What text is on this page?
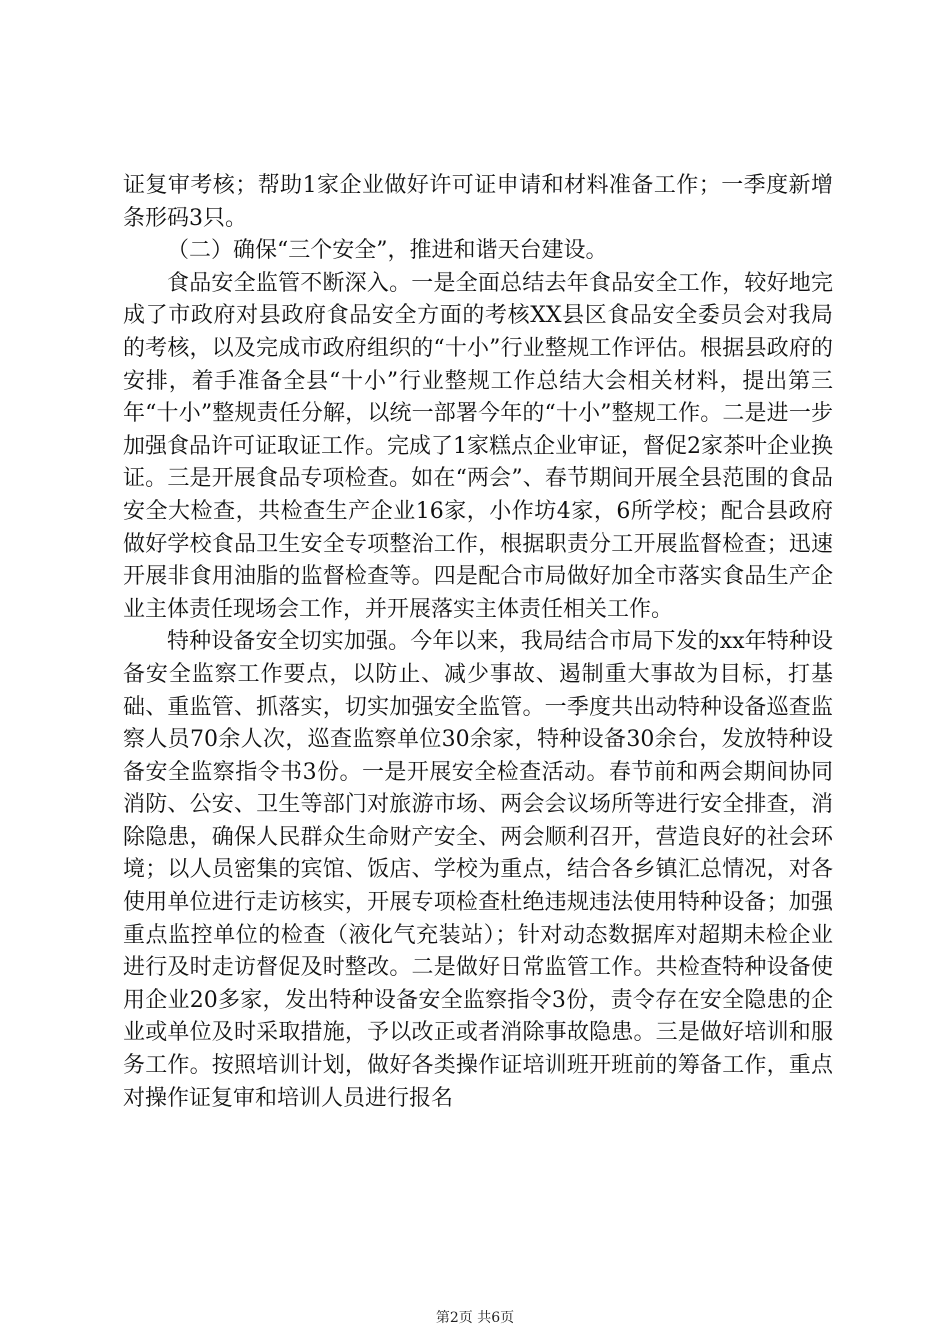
证复审考核；帮助1家企业做好许可证申请和材料准备工作；一季度新增条形码3只。

（二）确保“三个安全”，推进和谐天台建设。

食品安全监管不断深入。一是全面总结去年食品安全工作，较好地完成了市政府对县政府食品安全方面的考核XX县区食品安全委员会对我局的考核，以及完成市政府组织的“十小”行业整规工作评估。根据县政府的安排，着手准备全县“十小”行业整规工作总结大会相关材料，提出第三年“十小”整规责任分解，以统一部署今年的“十小”整规工作。二是进一步加强食品许可证取证工作。完成了1家糕点企业审证，督促2家茶叶企业换证。三是开展食品专项检查。如在“两会”、春节期间开展全县范围的食品安全大检查，共检查生产企业16家，小作坊4家，6所学校；配合县政府做好学校食品卫生安全专项整治工作，根据职责分工开展监督检查；迅速开展非食用油脂的监督检查等。四是配合市局做好加全市落实食品生产企业主体责任现场会工作，并开展落实主体责任相关工作。

特种设备安全切实加强。今年以来，我局结合市局下发的xx年特种设备安全监察工作要点，以防止、减少事故、遏制重大事故为目标，打基础、重监管、抓落实，切实加强安全监管。一季度共出动特种设备巡查监察人员70余人次，巡查监察单位30余家，特种设备30余台，发放特种设备安全监察指令书3份。一是开展安全检查活动。春节前和两会期间协同消防、公安、卫生等部门对旅游市场、两会会议场所等进行安全排查，消除隐患，确保人民群众生命财产安全、两会顺利召开，营造良好的社会环境；以人员密集的宾馆、饭店、学校为重点，结合各乡镇汇总情况，对各使用单位进行走访核实，开展专项检查杜绝违规违法使用特种设备；加强重点监控单位的检查（液化气充装站）；针对动态数据库对超期未检企业进行及时走访督促及时整改。二是做好日常监管工作。共检查特种设备使用企业20多家，发出特种设备安全监察指令3份，责令存在安全隐患的企业或单位及时采取措施，予以改正或者消除事故隐患。三是做好培训和服务工作。按照培训计划，做好各类操作证培训班开班前的筹备工作，重点对操作证复审和培训人员进行报名

第2页 共6页
